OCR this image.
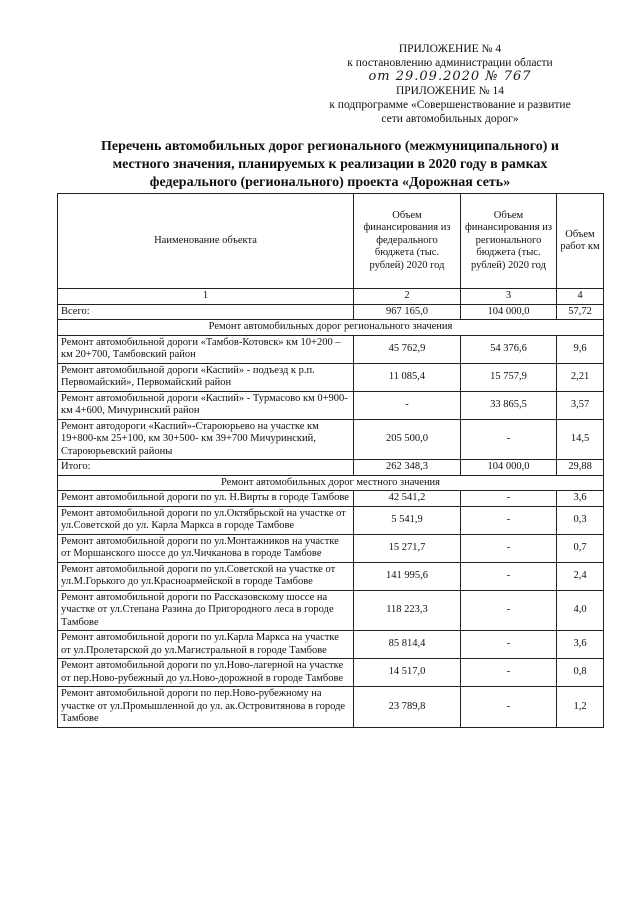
ПРИЛОЖЕНИЕ № 4
к постановлению администрации области
от 29.09.2020 № 767
ПРИЛОЖЕНИЕ № 14
к подпрограмме «Совершенствование и развитие
сети автомобильных дорог»
Перечень автомобильных дорог регионального (межмуниципального) и
местного значения, планируемых к реализации в 2020 году в рамках
федерального (регионального) проекта «Дорожная сеть»
Наименование объекта	Объем финансирования из федерального бюджета (тыс. рублей) 2020 год	Объем финансирования из регионального бюджета (тыс. рублей) 2020 год	Объем работ км
1	2	3	4
Всего:	967 165,0	104 000,0	57,72
Ремонт автомобильных дорог регионального значения			
Ремонт автомобильной дороги «Тамбов-Котовск» км 10+200 – км 20+700, Тамбовский район	45 762,9	54 376,6	9,6
Ремонт автомобильной дороги «Каспий» - подъезд к р.п. Первомайский», Первомайский район	11 085,4	15 757,9	2,21
Ремонт автомобильной дороги «Каспий» - Турмасово км 0+900- км 4+600, Мичуринский район	-	33 865,5	3,57
Ремонт автодороги «Каспий»-Староюрьево на участке км 19+800-км 25+100, км 30+500- км 39+700 Мичуринский, Староюрьевский районы	205 500,0	-	14,5
Итого:	262 348,3	104 000,0	29,88
Ремонт автомобильных дорог местного значения			
Ремонт автомобильной дороги по ул. Н.Вирты в городе Тамбове	42 541,2	-	3,6
Ремонт автомобильной дороги по ул.Октябрьской на участке от ул.Советской до ул. Карла Маркса в городе Тамбове	5 541,9	-	0,3
Ремонт автомобильной дороги по ул.Монтажников на участке от Моршанского шоссе до ул.Чичканова в городе Тамбове	15 271,7	-	0,7
Ремонт автомобильной дороги по ул.Советской на участке от ул.М.Горького до ул.Красноармейской в городе Тамбове	141 995,6	-	2,4
Ремонт автомобильной дороги по Рассказовскому шоссе на участке от ул.Степана Разина до Пригородного леса в городе Тамбове	118 223,3	-	4,0
Ремонт автомобильной дороги по ул.Карла Маркса на участке от ул.Пролетарской до ул.Магистральной в городе Тамбове	85 814,4	-	3,6
Ремонт автомобильной дороги по ул.Ново-лагерной на участке от пер.Ново-рубежный до ул.Ново-дорожной в городе Тамбове	14 517,0	-	0,8
Ремонт автомобильной дороги по пер.Ново-рубежному на участке от ул.Промышленной до ул. ак.Островитянова в городе Тамбове	23 789,8	-	1,2
